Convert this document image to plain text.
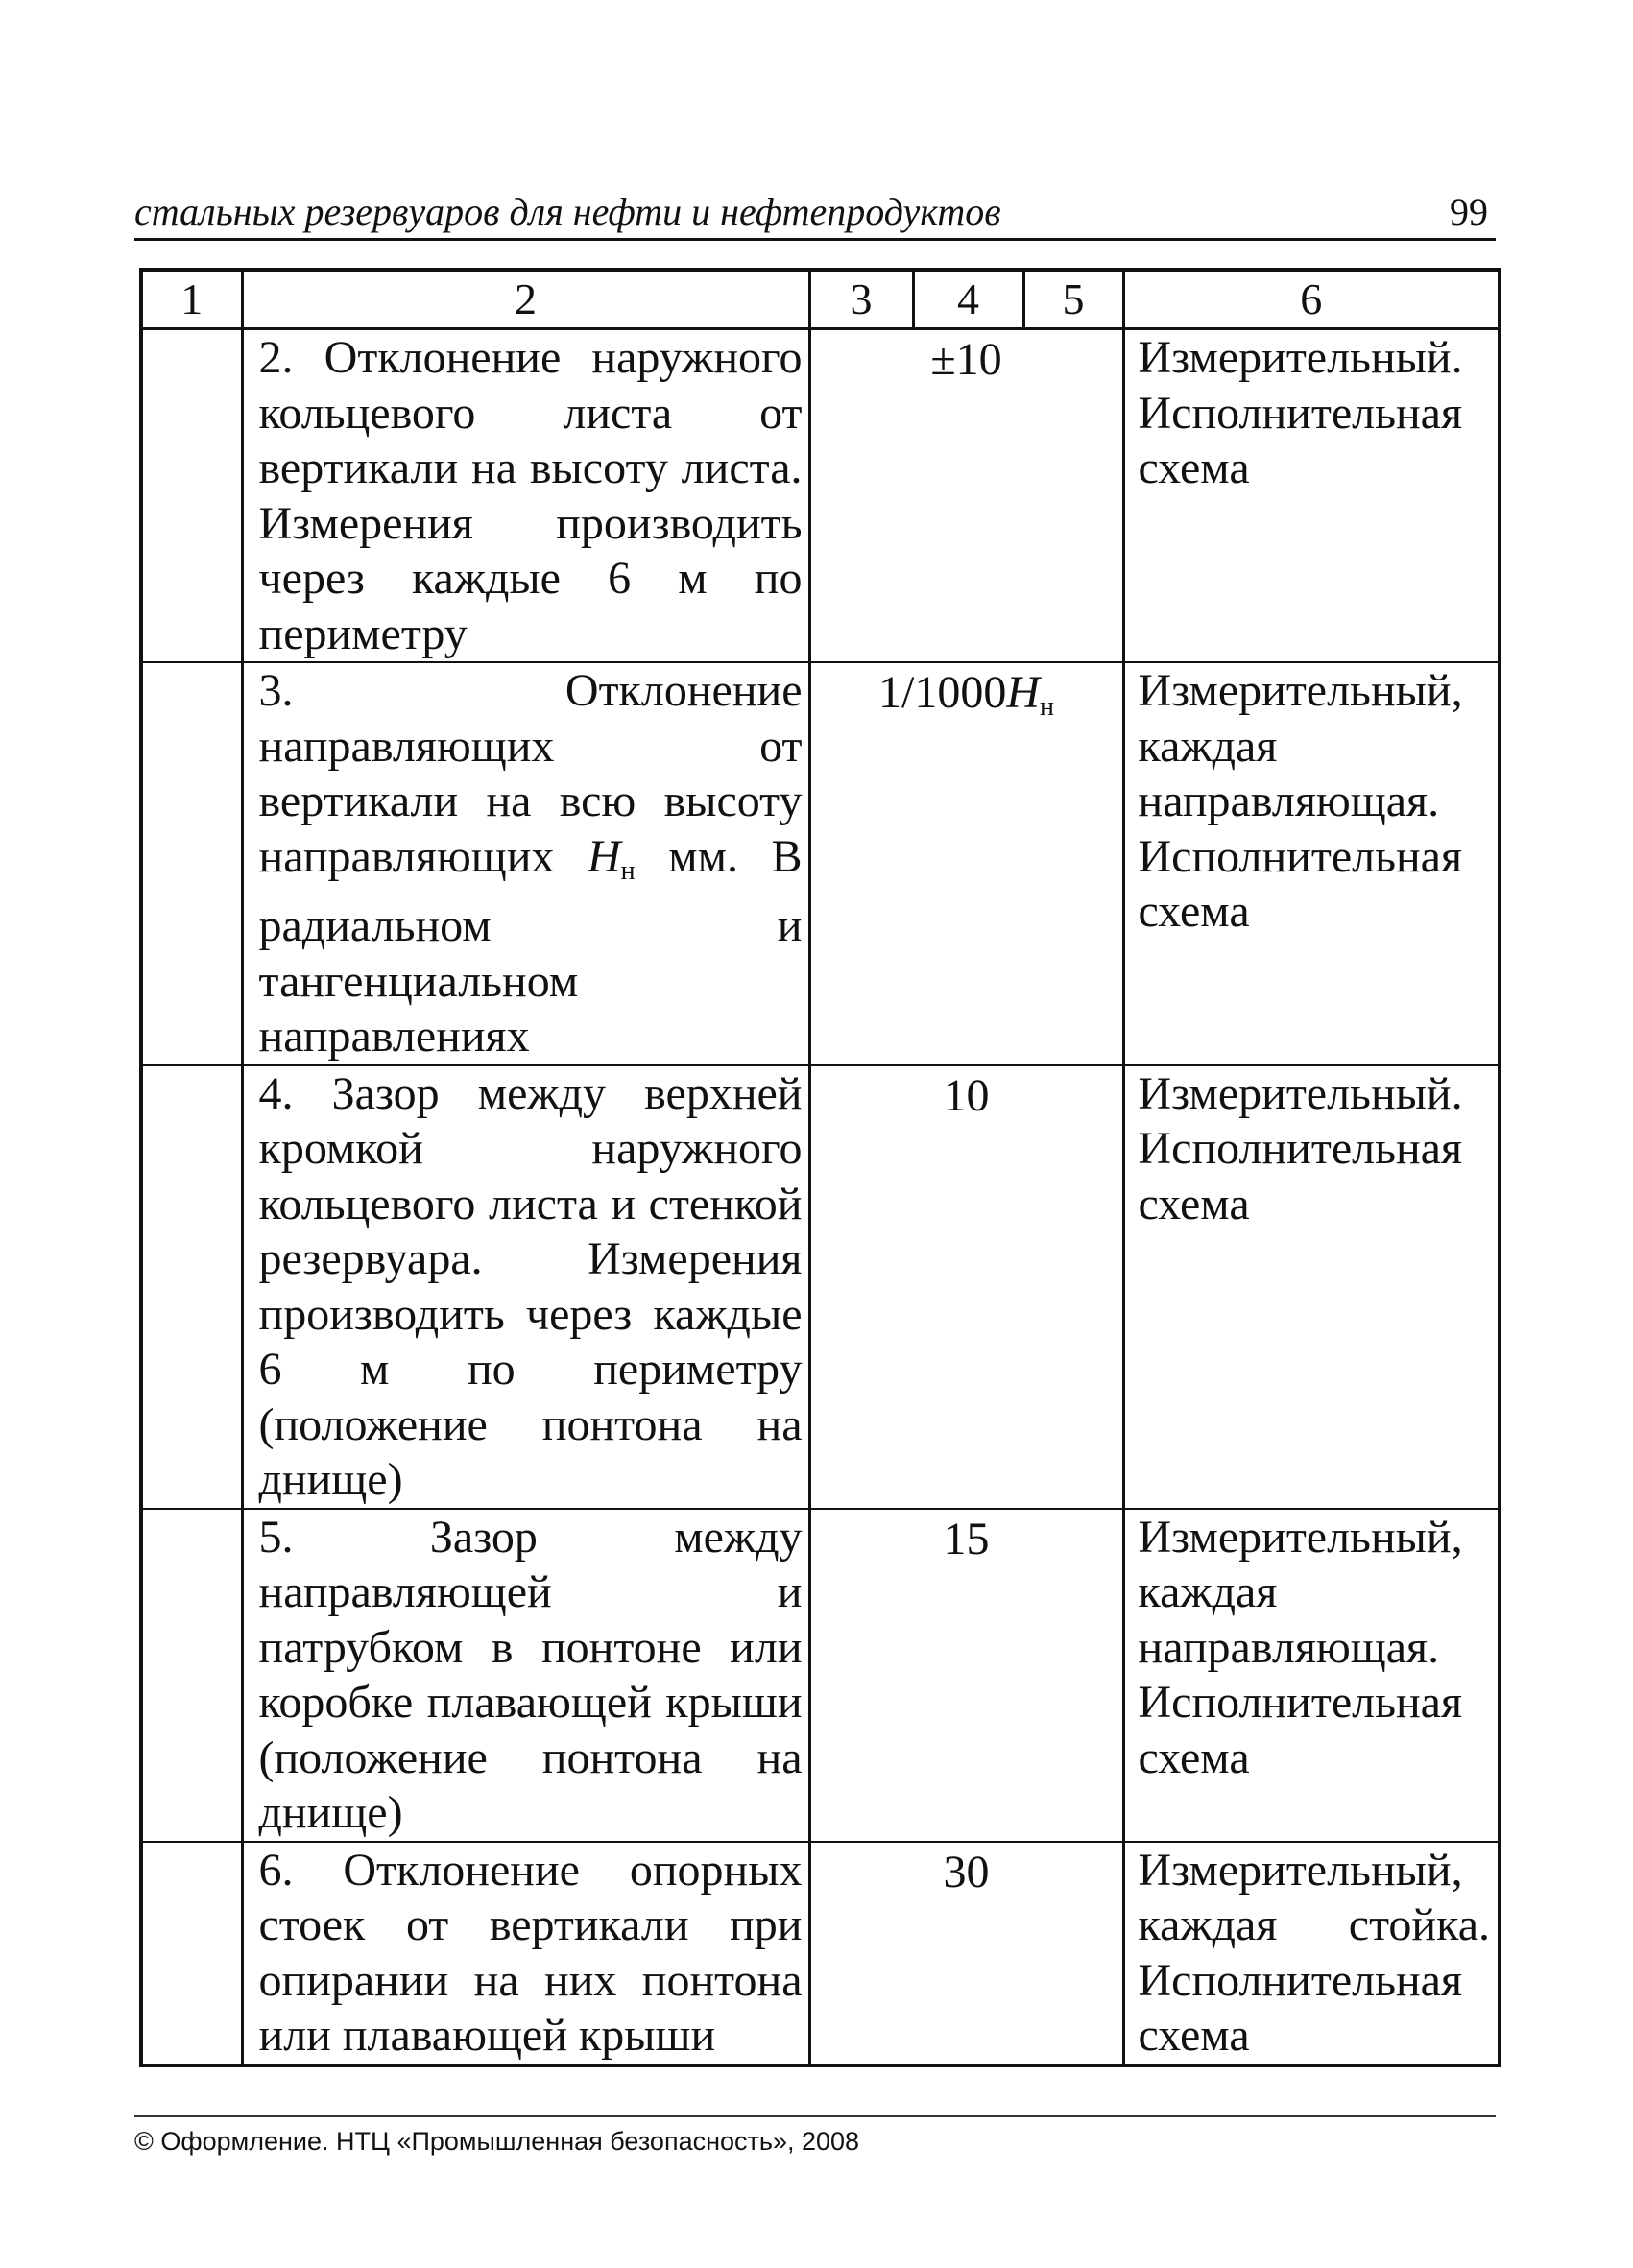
стальных резервуаров для нефти и нефтепродуктов	99
1	2	3	4	5	6
	2. Отклонение наружного кольцевого листа от вертикали на высоту листа. Измерения производить через каждые 6 м по периметру	±10			Измерительный. Исполнительная схема
	3. Отклонение направляющих от вертикали на всю высоту направляющих $H_н$ мм. В радиальном и тангенциальном направлениях	$1/1000H_н$			Измерительный, каждая направляющая. Исполнительная схема
	4. Зазор между верхней кромкой наружного кольцевого листа и стенкой резервуара. Измерения производить через каждые 6 м по периметру (положение понтона на днище)	10			Измерительный. Исполнительная схема
	5. Зазор между направляющей и патрубком в понтоне или коробке плавающей крыши (положение понтона на днище)	15			Измерительный, каждая направляющая. Исполнительная схема
	6. Отклонение опорных стоек от вертикали при опирании на них понтона или плавающей крыши	30			Измерительный, каждая стойка. Исполнительная схема
© Оформление. НТЦ «Промышленная безопасность», 2008
